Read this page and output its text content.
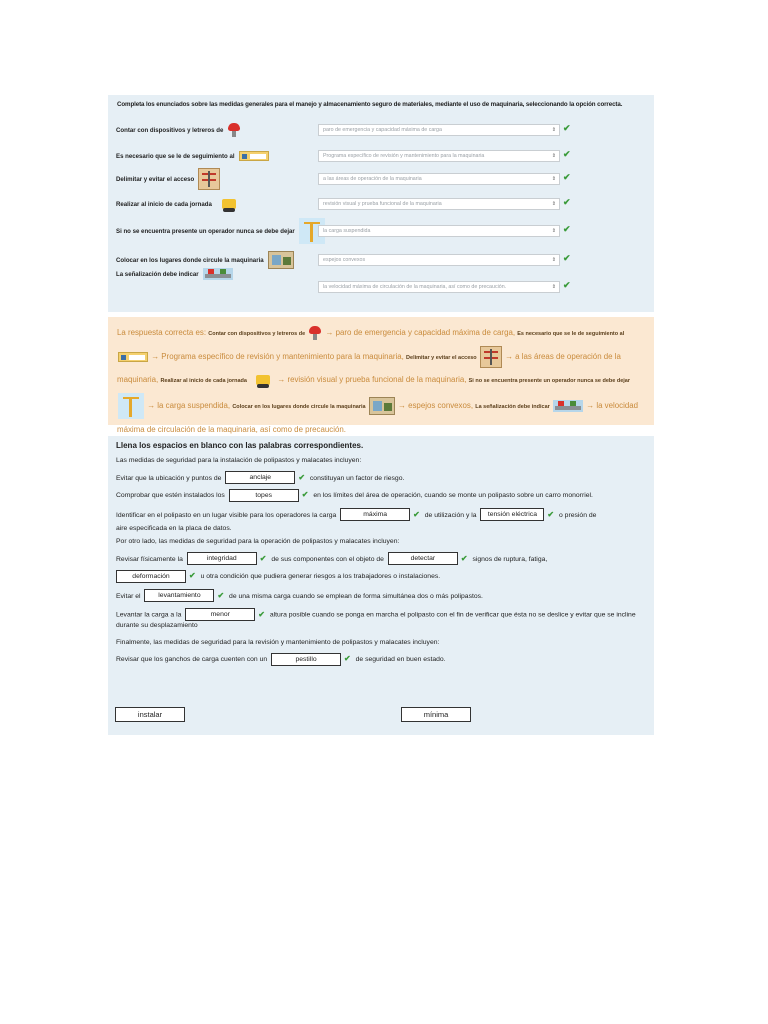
Completa los enunciados sobre las medidas generales para el manejo y almacenamiento seguro de materiales, mediante el uso de maquinaria, seleccionando la opción correcta.
Contar con dispositivos y letreros de	paro de emergencia y capacidad máxima de carga	⇕ ✔
Es necesario que se le de seguimiento al	Programa específico de revisión y mantenimiento para la maquinaria	⇕ ✔
Delimitar y evitar el acceso	a las áreas de operación de la maquinaria	⇕ ✔
Realizar al inicio de cada jornada	revisión visual y prueba funcional de la maquinaria	⇕ ✔
Si no se encuentra presente un operador nunca se debe dejar	la carga suspendida	⇕ ✔
Colocar en los lugares donde circule la maquinaria	espejos convexos	⇕ ✔
La señalización debe indicar
la velocidad máxima de circulación de la maquinaria, así como de precaución.	⇕ ✔
La respuesta correcta es: Contar con dispositivos y letreros de	→ paro de emergencia y capacidad máxima de carga, Es necesario que se le de seguimiento al  → Programa específico de revisión y mantenimiento para la maquinaria, Delimitar y evitar el acceso	→ a las áreas de operación de la maquinaria, Realizar al inicio de cada jornada	→ revisión visual y prueba funcional de la maquinaria, Si no se encuentra presente un operador nunca se debe dejar  → la carga suspendida, Colocar en los lugares donde circule la maquinaria	→ espejos convexos, La señalización debe indicar	→ la velocidad máxima de circulación de la maquinaria, así como de precaución.
Llena los espacios en blanco con las palabras correspondientes.
Las medidas de seguridad para la instalación de polipastos y malacates incluyen:
Evitar que la ubicación y puntos de	anclaje	✔ constituyan un factor de riesgo.
Comprobar que estén instalados los	topes	✔ en los límites del área de operación, cuando se monte un polipasto sobre un carro monorriel.
Identificar en el polipasto en un lugar visible para los operadores la carga	máxima	✔ de utilización y la tensión eléctrica ✔ o presión de
aire especificada en la placa de datos.
Por otro lado, las medidas de seguridad para la operación de polipastos y malacates incluyen:
Revisar físicamente la	integridad	✔ de sus componentes con el objeto de	detectar	✔ signos de ruptura, fatiga,
deformación ✔ u otra condición que pudiera generar riesgos a los trabajadores o instalaciones.
Evitar el	levantamiento ✔ de una misma carga cuando se emplean de forma simultánea dos o más polipastos.
Levantar la carga a la	menor	✔ altura posible cuando se ponga en marcha el polipasto con el fin de verificar que ésta no se deslice y evitar que se incline durante su desplazamiento
Finalmente, las medidas de seguridad para la revisión y mantenimiento de polipastos y malacates incluyen:
Revisar que los ganchos de carga cuenten con un	pestillo	✔ de seguridad en buen estado.
instalar	mínima
